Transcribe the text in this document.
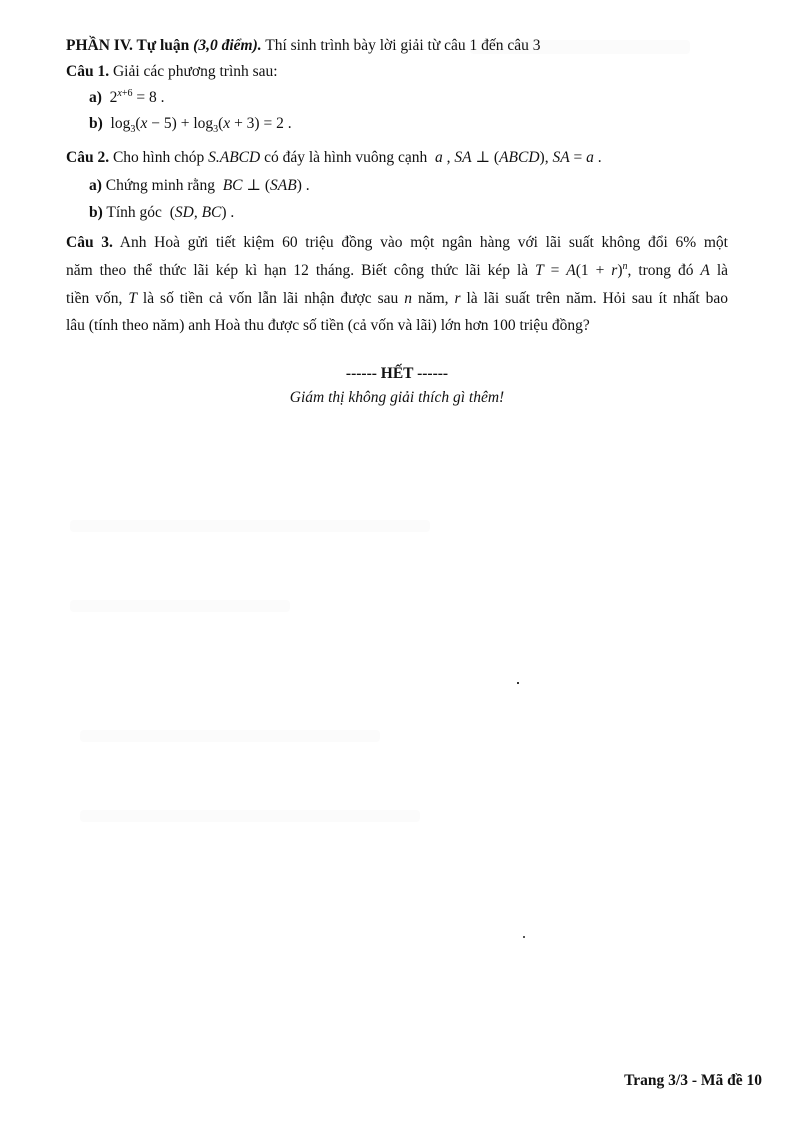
PHẦN IV. Tự luận (3,0 điểm). Thí sinh trình bày lời giải từ câu 1 đến câu 3
Câu 1. Giải các phương trình sau:
a)  $2^{x+6} = 8$ .
b)  $\log_3(x - 5) + \log_3(x + 3) = 2$ .
Câu 2. Cho hình chóp S.ABCD có đáy là hình vuông cạnh  a , SA ⊥ (ABCD), SA = a .
a) Chứng minh rằng  BC ⊥ (SAB) .
b) Tính góc  (SD, BC) .
Câu 3. Anh Hoà gửi tiết kiệm 60 triệu đồng vào một ngân hàng với lãi suất không đổi 6% một
năm theo thể thức lãi kép kì hạn 12 tháng. Biết công thức lãi kép là $T = A(1 + r)^n$, trong đó A là
tiền vốn, T là số tiền cả vốn lẫn lãi nhận được sau n năm, r là lãi suất trên năm. Hỏi sau ít nhất bao
lâu (tính theo năm) anh Hoà thu được số tiền (cả vốn và lãi) lớn hơn 100 triệu đồng?
------ HẾT ------
Giám thị không giải thích gì thêm!
Trang 3/3 - Mã đề 10
